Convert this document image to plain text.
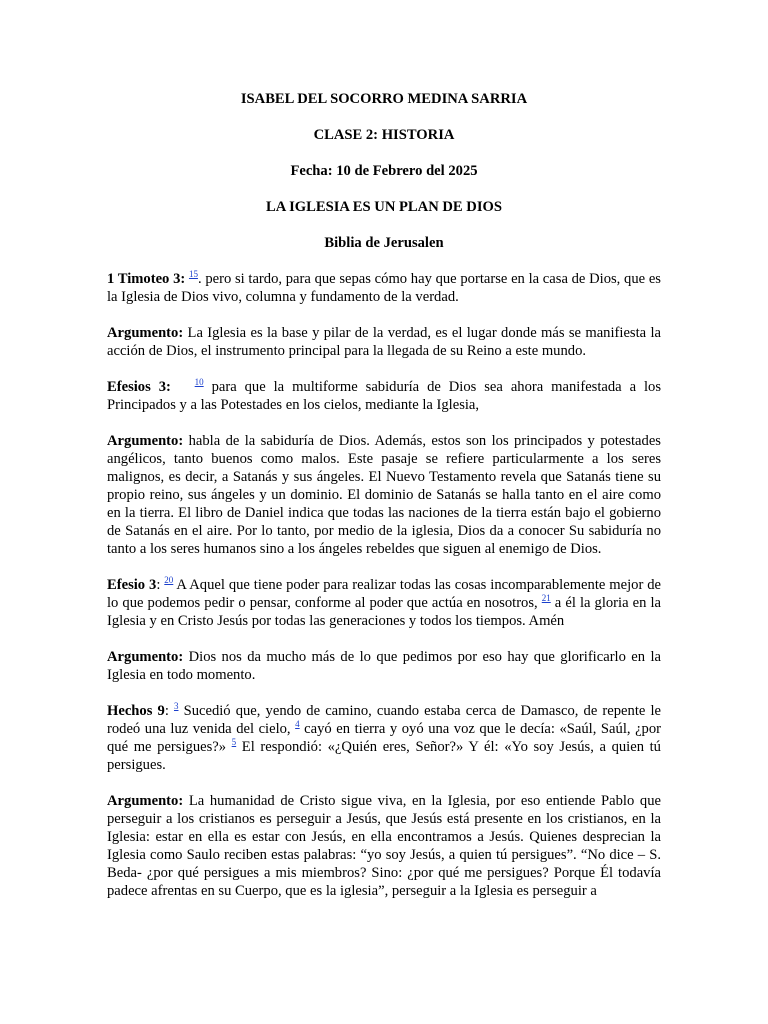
ISABEL DEL SOCORRO MEDINA SARRIA
CLASE 2: HISTORIA
Fecha: 10 de Febrero del 2025
LA IGLESIA ES UN PLAN DE DIOS
Biblia de Jerusalen

1 Timoteo 3: $^{15}$. pero si tardo, para que sepas cómo hay que portarse en la casa de Dios, que es la Iglesia de Dios vivo, columna y fundamento de la verdad.

Argumento: La Iglesia es la base y pilar de la verdad, es el lugar donde más se manifiesta la acción de Dios, el instrumento principal para la llegada de su Reino a este mundo.

Efesios 3:	$^{10}$ para que la multiforme sabiduría de Dios sea ahora manifestada a los Principados y a las Potestades en los cielos, mediante la Iglesia,

Argumento: habla de la sabiduría de Dios. Además, estos son los principados y potestades angélicos, tanto buenos como malos. Este pasaje se refiere particularmente a los seres malignos, es decir, a Satanás y sus ángeles. El Nuevo Testamento revela que Satanás tiene su propio reino, sus ángeles y un dominio. El dominio de Satanás se halla tanto en el aire como en la tierra. El libro de Daniel indica que todas las naciones de la tierra están bajo el gobierno de Satanás en el aire. Por lo tanto, por medio de la iglesia, Dios da a conocer Su sabiduría no tanto a los seres humanos sino a los ángeles rebeldes que siguen al enemigo de Dios.

Efesio 3: $^{20}$ A Aquel que tiene poder para realizar todas las cosas incomparablemente mejor de lo que podemos pedir o pensar, conforme al poder que actúa en nosotros, $^{21}$ a él la gloria en la Iglesia y en Cristo Jesús por todas las generaciones y todos los tiempos. Amén

Argumento: Dios nos da mucho más de lo que pedimos por eso hay que glorificarlo en la Iglesia en todo momento.

Hechos 9: $^3$ Sucedió que, yendo de camino, cuando estaba cerca de Damasco, de repente le rodeó una luz venida del cielo, $^4$ cayó en tierra y oyó una voz que le decía: «Saúl, Saúl, ¿por qué me persigues?» $^5$ El respondió: «¿Quién eres, Señor?» Y él: «Yo soy Jesús, a quien tú persigues.

Argumento: La humanidad de Cristo sigue viva, en la Iglesia, por eso entiende Pablo que perseguir a los cristianos es perseguir a Jesús, que Jesús está presente en los cristianos, en la Iglesia: estar en ella es estar con Jesús, en ella encontramos a Jesús. Quienes desprecian la Iglesia como Saulo reciben estas palabras: “yo soy Jesús, a quien tú persigues”. “No dice – S. Beda- ¿por qué persigues a mis miembros? Sino: ¿por qué me persigues? Porque Él todavía padece afrentas en su Cuerpo, que es la iglesia”, perseguir a la Iglesia es perseguir a
